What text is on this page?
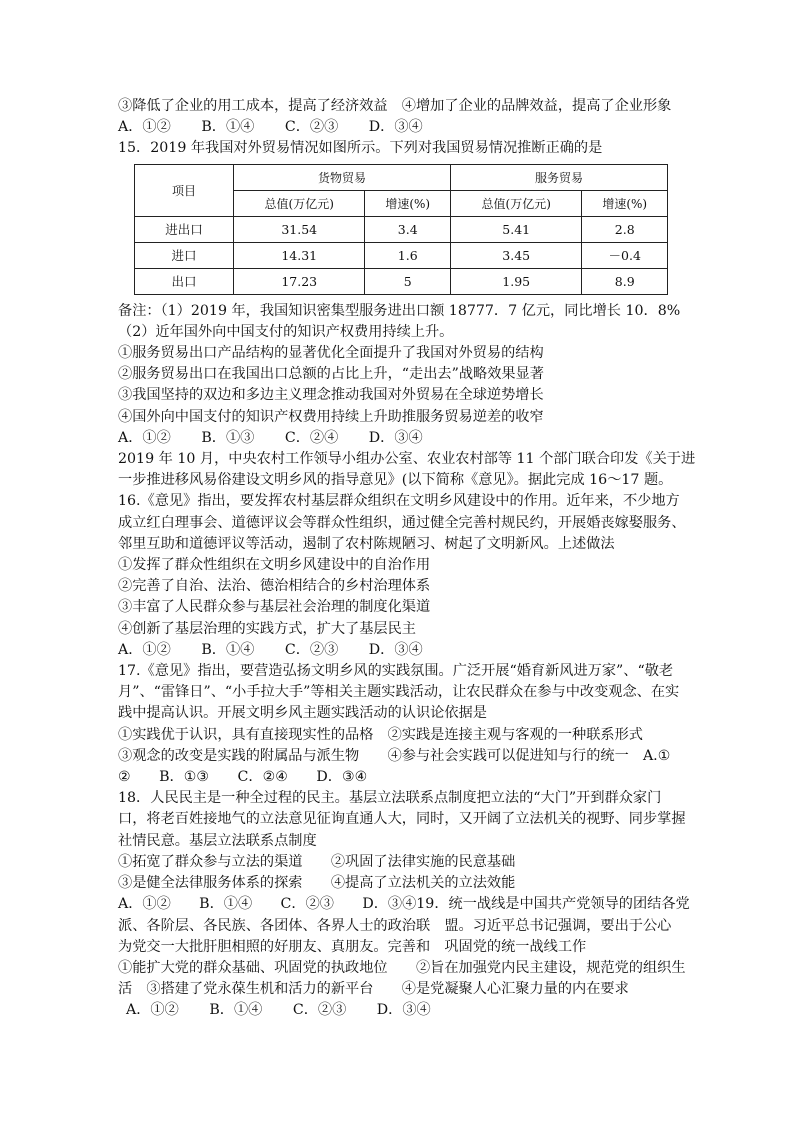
③降低了企业的用工成本，提高了经济效益　④增加了企业的品牌效益，提高了企业形象
A．①② B．①④ C．②③ D．③④
15．2019 年我国对外贸易情况如图所示。下列对我国贸易情况推断正确的是
项目	货物贸易		服务贸易	
	总值(万亿元)	增速(%)	总值(万亿元)	增速(%)
进出口	31.54	3.4	5.41	2.8
进口	14.31	1.6	3.45	－0.4
出口	17.23	5	1.95	8.9
备注：（1）2019 年，我国知识密集型服务进出口额 18777．7 亿元，同比增长 10．8%
（2）近年国外向中国支付的知识产权费用持续上升。
①服务贸易出口产品结构的显著优化全面提升了我国对外贸易的结构
②服务贸易出口在我国出口总额的占比上升，“走出去”战略效果显著
③我国坚持的双边和多边主义理念推动我国对外贸易在全球逆势增长
④国外向中国支付的知识产权费用持续上升助推服务贸易逆差的收窄
A．①② B．①③ C．②④ D．③④
2019 年 10 月，中央农村工作领导小组办公室、农业农村部等 11 个部门联合印发《关于进
一步推进移风易俗建设文明乡风的指导意见》(以下简称《意见》。据此完成 16～17 题。
16.《意见》指出，要发挥农村基层群众组织在文明乡风建设中的作用。近年来，不少地方
成立红白理事会、道德评议会等群众性组织，通过健全完善村规民约，开展婚丧嫁娶服务、
邻里互助和道德评议等活动，遏制了农村陈规陋习、树起了文明新风。上述做法
①发挥了群众性组织在文明乡风建设中的自治作用
②完善了自治、法治、德治相结合的乡村治理体系
③丰富了人民群众参与基层社会治理的制度化渠道
④创新了基层治理的实践方式，扩大了基层民主
A．①② B．①④ C．②③ D．③④
17.《意见》指出，要营造弘扬文明乡风的实践氛围。广泛开展“婚育新风进万家”、“敬老
月”、“雷锋日”、“小手拉大手”等相关主题实践活动，让农民群众在参与中改变观念、在实
践中提高认识。开展文明乡风主题实践活动的认识论依据是
①实践优于认识，具有直接现实性的品格　②实践是连接主观与客观的一种联系形式
③观念的改变是实践的附属品与派生物　　④参与社会实践可以促进知与行的统一　A.①
②　　B．①③　　C．②④　　D．③④
18．人民民主是一种全过程的民主。基层立法联系点制度把立法的“大门”开到群众家门
口，将老百姓接地气的立法意见征询直通人大，同时，又开阔了立法机关的视野、同步掌握
社情民意。基层立法联系点制度
①拓宽了群众参与立法的渠道　　②巩固了法律实施的民意基础
③是健全法律服务体系的探索　　④提高了立法机关的立法效能
A．①②　　B．①④　　C．②③　　D．③④19．统一战线是中国共产党领导的团结各党
派、各阶层、各民族、各团体、各界人士的政治联　盟。习近平总书记强调，要出于公心
为党交一大批肝胆相照的好朋友、真朋友。完善和　巩固党的统一战线工作
①能扩大党的群众基础、巩固党的执政地位　　②旨在加强党内民主建设，规范党的组织生
活　③搭建了党永葆生机和活力的新平台　　④是党凝聚人心汇聚力量的内在要求
A．①② B．①④ C．②③ D．③④
